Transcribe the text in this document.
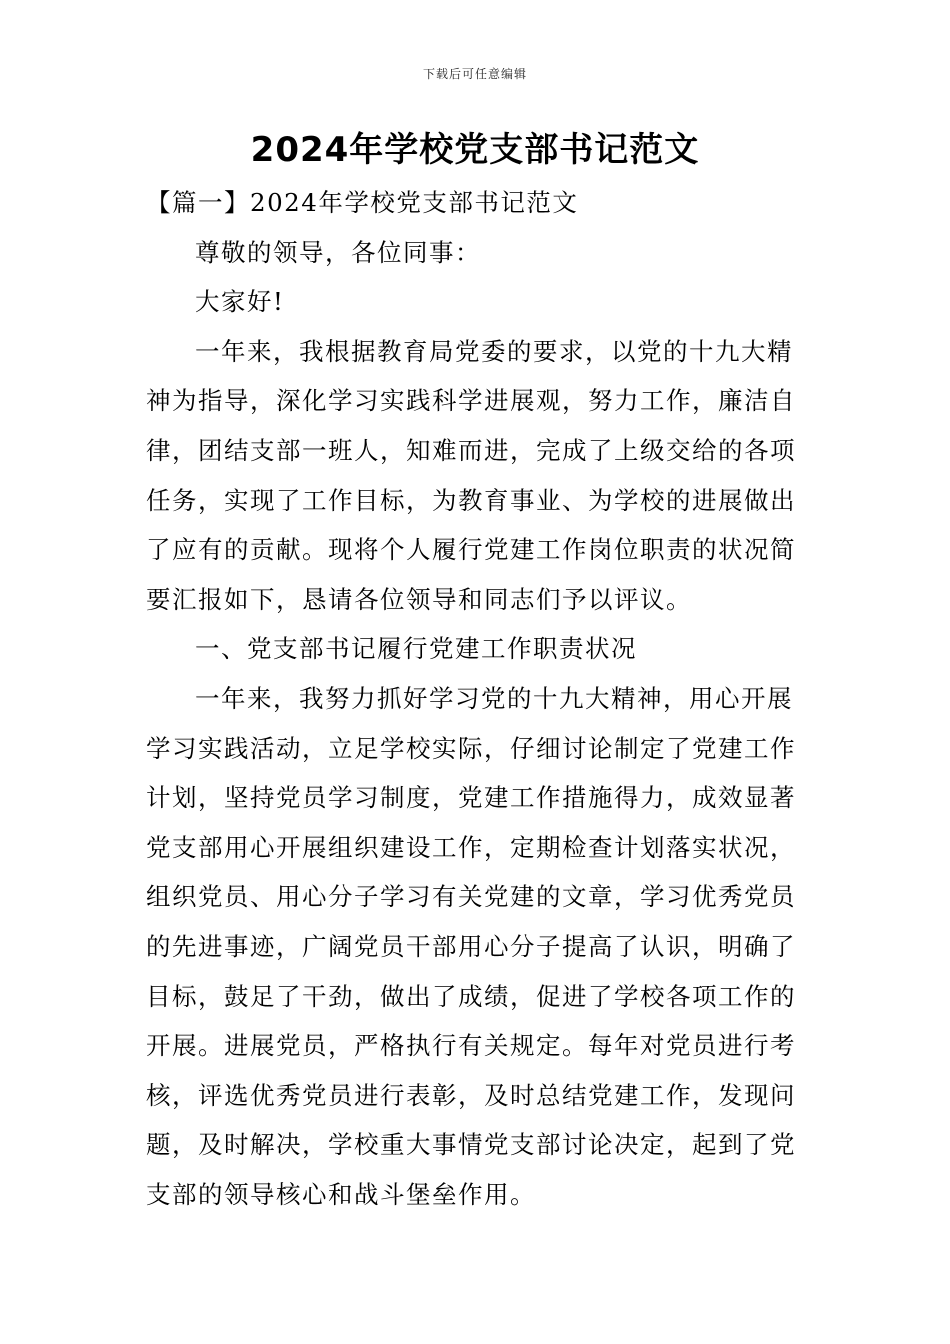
下载后可任意编辑
2024年学校党支部书记范文

【篇一】2024年学校党支部书记范文

尊敬的领导，各位同事：

大家好!

一年来，我根据教育局党委的要求，以党的十九大精神为指导，深化学习实践科学进展观，努力工作，廉洁自律，团结支部一班人，知难而进，完成了上级交给的各项任务，实现了工作目标，为教育事业、为学校的进展做出了应有的贡献。现将个人履行党建工作岗位职责的状况简要汇报如下，恳请各位领导和同志们予以评议。

一、党支部书记履行党建工作职责状况

一年来，我努力抓好学习党的十九大精神，用心开展学习实践活动，立足学校实际，仔细讨论制定了党建工作计划，坚持党员学习制度，党建工作措施得力，成效显著党支部用心开展组织建设工作，定期检查计划落实状况，组织党员、用心分子学习有关党建的文章，学习优秀党员的先进事迹，广阔党员干部用心分子提高了认识，明确了目标，鼓足了干劲，做出了成绩，促进了学校各项工作的开展。进展党员，严格执行有关规定。每年对党员进行考核，评选优秀党员进行表彰，及时总结党建工作，发现问题，及时解决，学校重大事情党支部讨论决定，起到了党支部的领导核心和战斗堡垒作用。
